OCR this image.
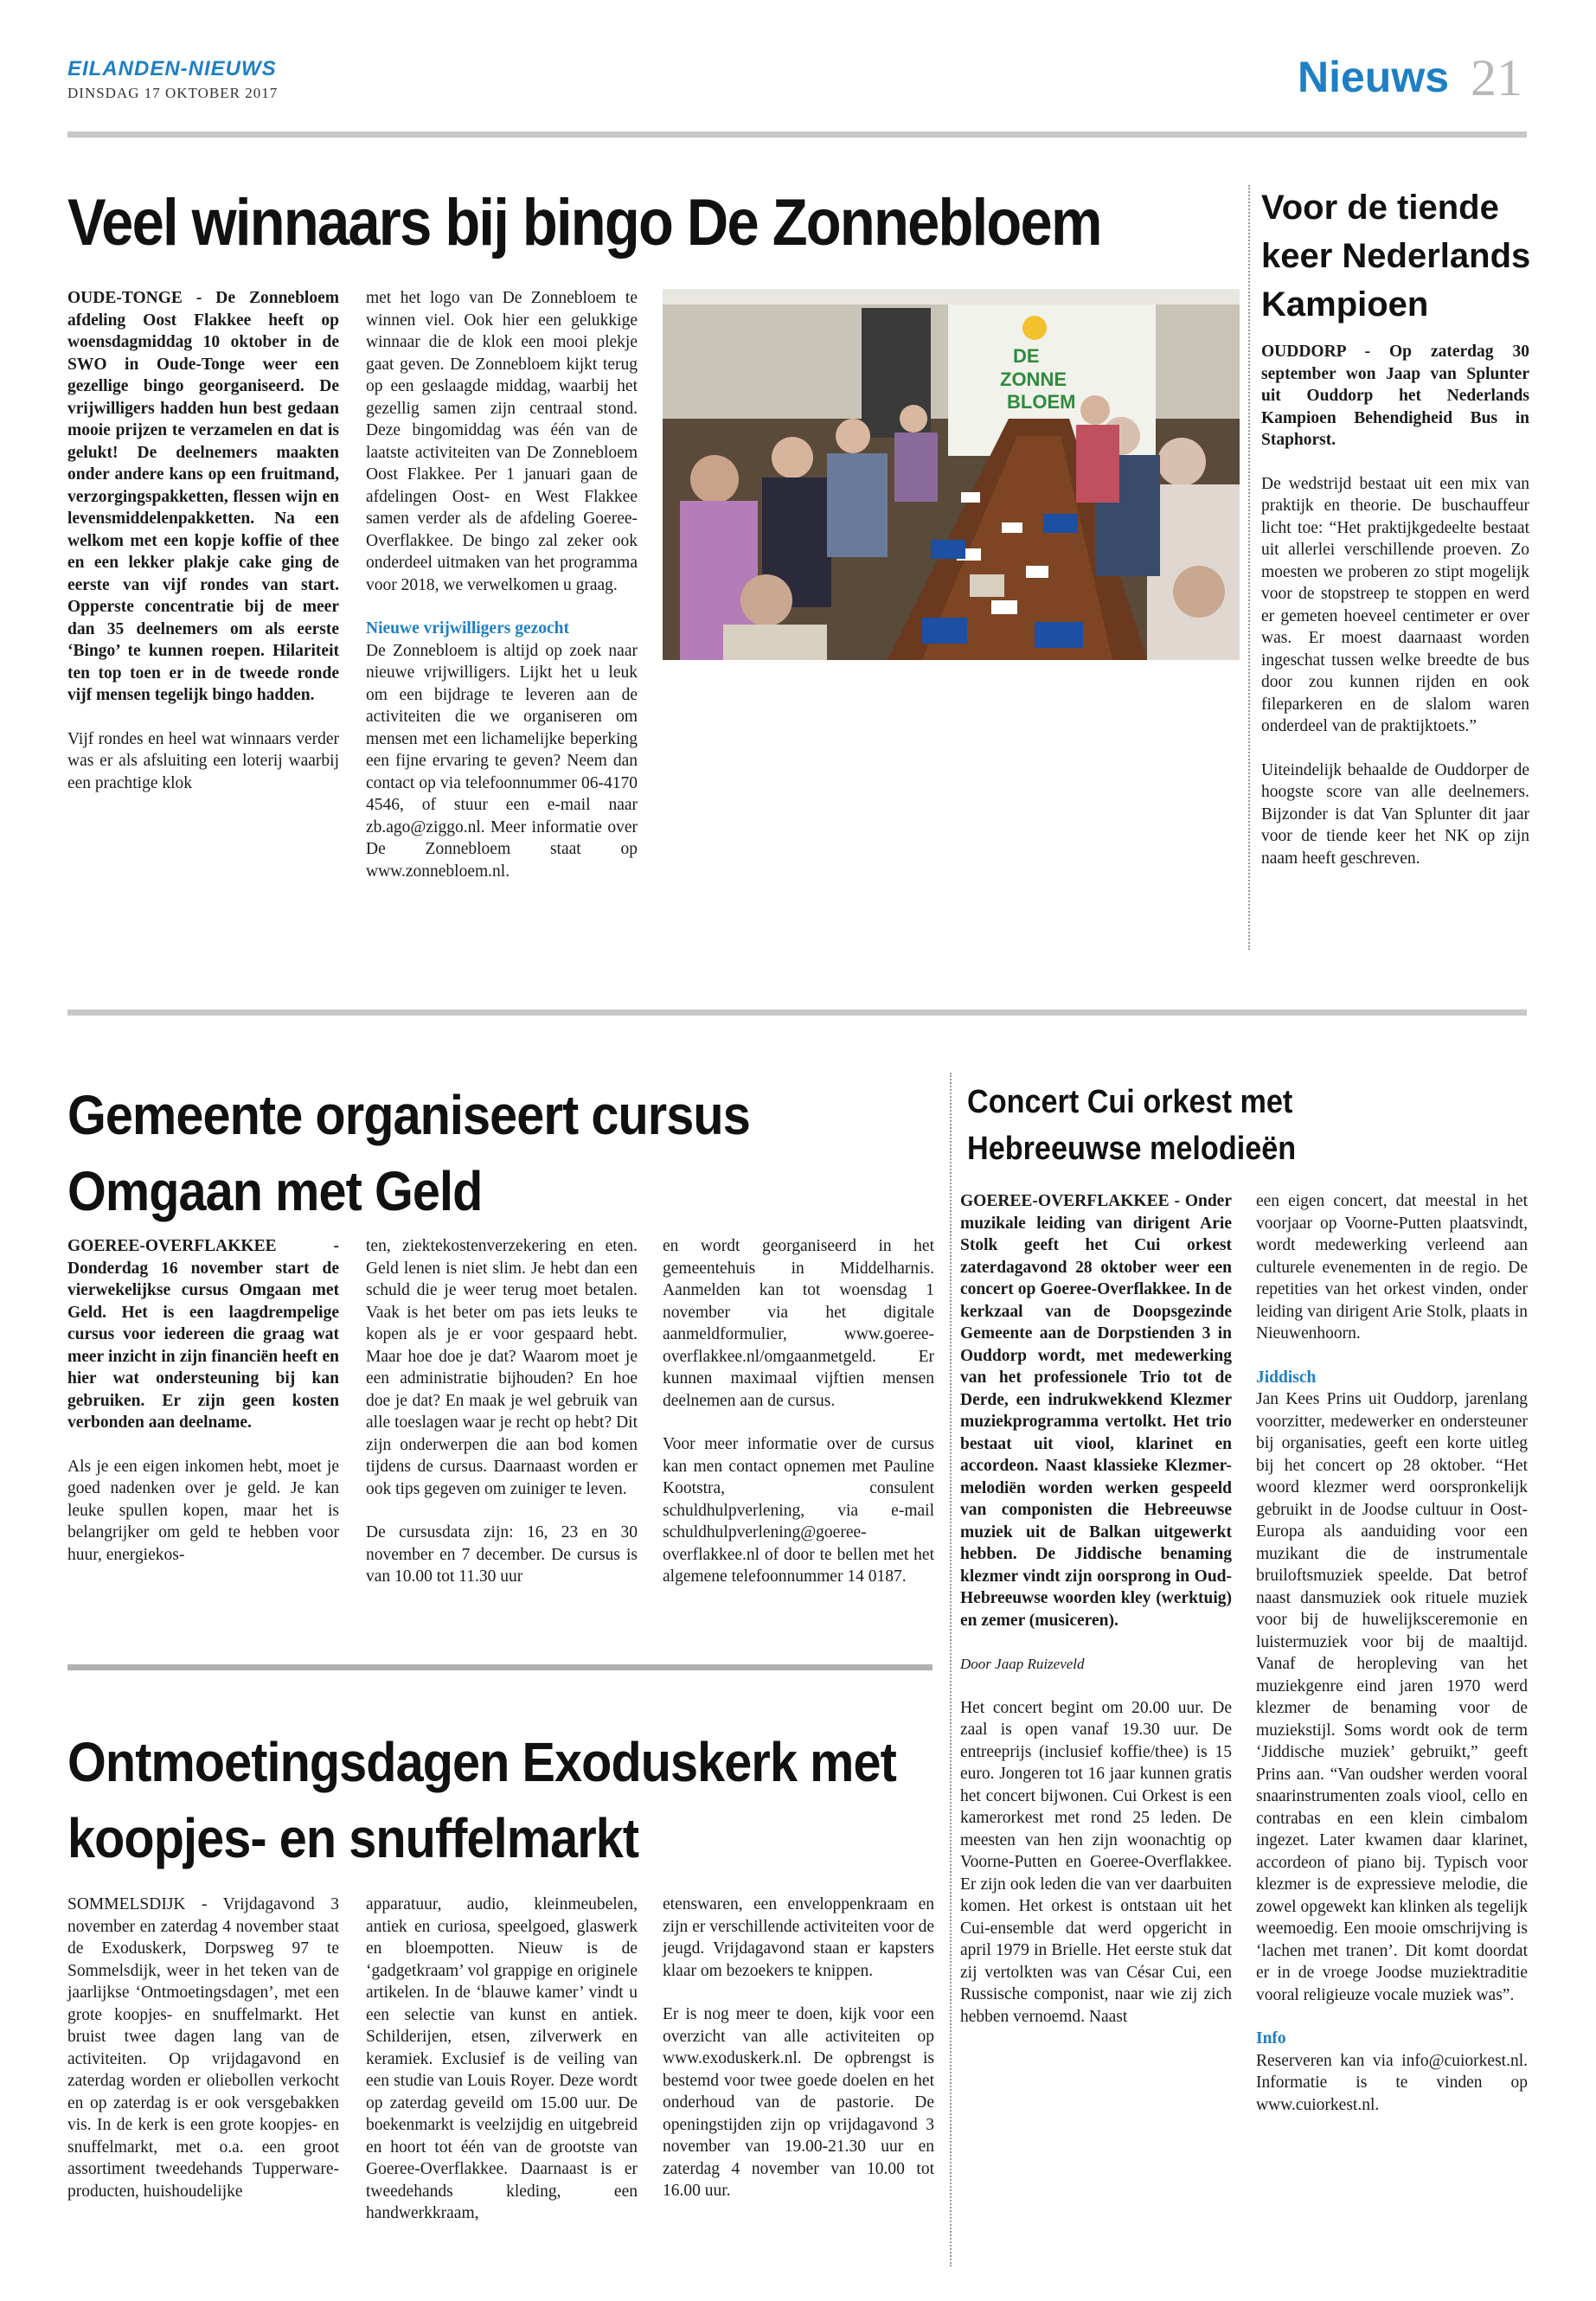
EILANDEN-NIEUWS
DINSDAG 17 OKTOBER 2017	Nieuws 21
Veel winnaars bij bingo De Zonnebloem

OUDE-TONGE - De Zonnebloem afdeling Oost Flakkee heeft op woensdagmiddag 10 oktober in de SWO in Oude-Tonge weer een gezellige bingo georganiseerd. De vrijwilligers hadden hun best gedaan mooie prijzen te verzamelen en dat is gelukt! De deelnemers maakten onder andere kans op een fruitmand, verzorgingspakketten, flessen wijn en levensmiddelenpakketten. Na een welkom met een kopje koffie of thee en een lekker plakje cake ging de eerste van vijf rondes van start. Opperste concentratie bij de meer dan 35 deelnemers om als eerste ‘Bingo’ te kunnen roepen. Hilariteit ten top toen er in de tweede ronde vijf mensen tegelijk bingo hadden.

Vijf rondes en heel wat winnaars verder was er als afsluiting een loterij waarbij een prachtige klok

met het logo van De Zonnebloem te winnen viel. Ook hier een gelukkige winnaar die de klok een mooi plekje gaat geven. De Zonnebloem kijkt terug op een geslaagde middag, waarbij het gezellig samen zijn centraal stond. Deze bingomiddag was één van de laatste activiteiten van De Zonnebloem Oost Flakkee. Per 1 januari gaan de afdelingen Oost- en West Flakkee samen verder als de afdeling Goeree-Overflakkee. De bingo zal zeker ook onderdeel uitmaken van het programma voor 2018, we verwelkomen u graag.

Nieuwe vrijwilligers gezocht

De Zonnebloem is altijd op zoek naar nieuwe vrijwilligers. Lijkt het u leuk om een bijdrage te leveren aan de activiteiten die we organiseren om mensen met een lichamelijke beperking een fijne ervaring te geven? Neem dan contact op via telefoonnummer 06-4170 4546, of stuur een e-mail naar zb.ago@ziggo.nl. Meer informatie over De Zonnebloem staat op www.zonnebloem.nl.

DE
ZONNE
BLOEM
Voor de tiende keer Nederlands Kampioen

OUDDORP - Op zaterdag 30 september won Jaap van Splunter uit Ouddorp het Nederlands Kampioen Behendigheid Bus in Staphorst.

De wedstrijd bestaat uit een mix van praktijk en theorie. De buschauffeur licht toe: “Het praktijkgedeelte bestaat uit allerlei verschillende proeven. Zo moesten we proberen zo stipt mogelijk voor de stopstreep te stoppen en werd er gemeten hoeveel centimeter er over was. Er moest daarnaast worden ingeschat tussen welke breedte de bus door zou kunnen rijden en ook fileparkeren en de slalom waren onderdeel van de praktijktoets.”

Uiteindelijk behaalde de Ouddorper de hoogste score van alle deelnemers. Bijzonder is dat Van Splunter dit jaar voor de tiende keer het NK op zijn naam heeft geschreven.

Gemeente organiseert cursus Omgaan met Geld

GOEREE-OVERFLAKKEE - Donderdag 16 november start de vierwekelijkse cursus Omgaan met Geld. Het is een laagdrempelige cursus voor iedereen die graag wat meer inzicht in zijn financiën heeft en hier wat ondersteuning bij kan gebruiken. Er zijn geen kosten verbonden aan deelname.

Als je een eigen inkomen hebt, moet je goed nadenken over je geld. Je kan leuke spullen kopen, maar het is belangrijker om geld te hebben voor huur, energiekos-

ten, ziektekostenverzekering en eten. Geld lenen is niet slim. Je hebt dan een schuld die je weer terug moet betalen. Vaak is het beter om pas iets leuks te kopen als je er voor gespaard hebt. Maar hoe doe je dat? Waarom moet je een administratie bijhouden? En hoe doe je dat? En maak je wel gebruik van alle toeslagen waar je recht op hebt? Dit zijn onderwerpen die aan bod komen tijdens de cursus. Daarnaast worden er ook tips gegeven om zuiniger te leven.

De cursusdata zijn: 16, 23 en 30 november en 7 december. De cursus is van 10.00 tot 11.30 uur

en wordt georganiseerd in het gemeentehuis in Middelharnis. Aanmelden kan tot woensdag 1 november via het digitale aanmeldformulier, www.goeree-overflakkee.nl/omgaanmetgeld. Er kunnen maximaal vijftien mensen deelnemen aan de cursus.

Voor meer informatie over de cursus kan men contact opnemen met Pauline Kootstra, consulent schuldhulpverlening, via e-mail schuldhulpverlening@goeree-overflakkee.nl of door te bellen met het algemene telefoonnummer 14 0187.

Concert Cui orkest met Hebreeuwse melodieën

GOEREE-OVERFLAKKEE - Onder muzikale leiding van dirigent Arie Stolk geeft het Cui orkest zaterdagavond 28 oktober weer een concert op Goeree-Overflakkee. In de kerkzaal van de Doopsgezinde Gemeente aan de Dorpstienden 3 in Ouddorp wordt, met medewerking van het professionele Trio tot de Derde, een indrukwekkend Klezmer muziekprogramma vertolkt. Het trio bestaat uit viool, klarinet en accordeon. Naast klassieke Klezmer-melodiën worden werken gespeeld van componisten die Hebreeuwse muziek uit de Balkan uitgewerkt hebben. De Jiddische benaming klezmer vindt zijn oorsprong in Oud-Hebreeuwse woorden kley (werktuig) en zemer (musiceren).

Door Jaap Ruizeveld

Het concert begint om 20.00 uur. De zaal is open vanaf 19.30 uur. De entreeprijs (inclusief koffie/thee) is 15 euro. Jongeren tot 16 jaar kunnen gratis het concert bijwonen. Cui Orkest is een kamerorkest met rond 25 leden. De meesten van hen zijn woonachtig op Voorne-Putten en Goeree-Overflakkee. Er zijn ook leden die van ver daarbuiten komen. Het orkest is ontstaan uit het Cui-ensemble dat werd opgericht in april 1979 in Brielle. Het eerste stuk dat zij vertolkten was van César Cui, een Russische componist, naar wie zij zich hebben vernoemd. Naast

een eigen concert, dat meestal in het voorjaar op Voorne-Putten plaatsvindt, wordt medewerking verleend aan culturele evenementen in de regio. De repetities van het orkest vinden, onder leiding van dirigent Arie Stolk, plaats in Nieuwenhoorn.

Jiddisch

Jan Kees Prins uit Ouddorp, jarenlang voorzitter, medewerker en ondersteuner bij organisaties, geeft een korte uitleg bij het concert op 28 oktober. “Het woord klezmer werd oorspronkelijk gebruikt in de Joodse cultuur in Oost-Europa als aanduiding voor een muzikant die de instrumentale bruiloftsmuziek speelde. Dat betrof naast dansmuziek ook rituele muziek voor bij de huwelijksceremonie en luistermuziek voor bij de maaltijd. Vanaf de heropleving van het muziekgenre eind jaren 1970 werd klezmer de benaming voor de muziekstijl. Soms wordt ook de term ‘Jiddische muziek’ gebruikt,” geeft Prins aan. “Van oudsher werden vooral snaarinstrumenten zoals viool, cello en contrabas en een klein cimbalom ingezet. Later kwamen daar klarinet, accordeon of piano bij. Typisch voor klezmer is de expressieve melodie, die zowel opgewekt kan klinken als tegelijk weemoedig. Een mooie omschrijving is ‘lachen met tranen’. Dit komt doordat er in de vroege Joodse muziektraditie vooral religieuze vocale muziek was”.

Info

Reserveren kan via info@cuiorkest.nl. Informatie is te vinden op www.cuiorkest.nl.

Ontmoetingsdagen Exoduskerk met koopjes- en snuffelmarkt

SOMMELSDIJK - Vrijdagavond 3 november en zaterdag 4 november staat de Exoduskerk, Dorpsweg 97 te Sommelsdijk, weer in het teken van de jaarlijkse ‘Ontmoetingsdagen’, met een grote koopjes- en snuffelmarkt. Het bruist twee dagen lang van de activiteiten. Op vrijdagavond en zaterdag worden er oliebollen verkocht en op zaterdag is er ook versgebakken vis. In de kerk is een grote koopjes- en snuffelmarkt, met o.a. een groot assortiment tweedehands Tupperware-producten, huishoudelijke

apparatuur, audio, kleinmeubelen, antiek en curiosa, speelgoed, glaswerk en bloempotten. Nieuw is de ‘gadgetkraam’ vol grappige en originele artikelen. In de ‘blauwe kamer’ vindt u een selectie van kunst en antiek. Schilderijen, etsen, zilverwerk en keramiek. Exclusief is de veiling van een studie van Louis Royer. Deze wordt op zaterdag geveild om 15.00 uur. De boekenmarkt is veelzijdig en uitgebreid en hoort tot één van de grootste van Goeree-Overflakkee. Daarnaast is er tweedehands kleding, een handwerkkraam,

etenswaren, een enveloppenkraam en zijn er verschillende activiteiten voor de jeugd. Vrijdagavond staan er kapsters klaar om bezoekers te knippen.

Er is nog meer te doen, kijk voor een overzicht van alle activiteiten op www.exoduskerk.nl. De opbrengst is bestemd voor twee goede doelen en het onderhoud van de pastorie. De openingstijden zijn op vrijdagavond 3 november van 19.00-21.30 uur en zaterdag 4 november van 10.00 tot 16.00 uur.
